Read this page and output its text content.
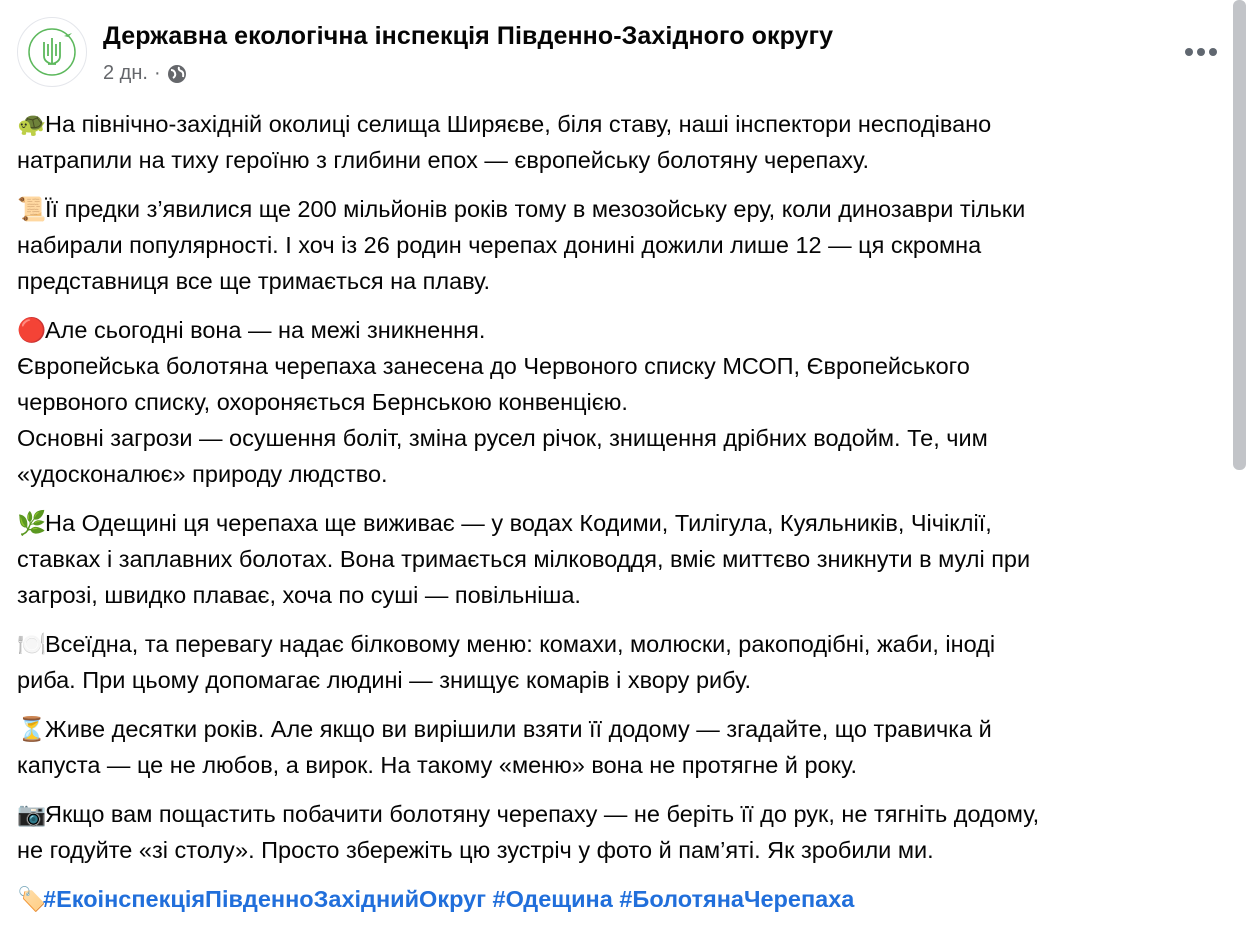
Державна екологічна інспекція Південно-Західного округу
2 дн. ·

🐢На північно-західній околиці селища Ширяєве, біля ставу, наші інспектори несподівано
натрапили на тиху героїню з глибини епох — європейську болотяну черепаху.

📜Її предки з’явилися ще 200 мільйонів років тому в мезозойську еру, коли динозаври тільки
набирали популярності. І хоч із 26 родин черепах донині дожили лише 12 — ця скромна
представниця все ще тримається на плаву.

🔴Але сьогодні вона — на межі зникнення.
Європейська болотяна черепаха занесена до Червоного списку МСОП, Європейського
червоного списку, охороняється Бернською конвенцією.
Основні загрози — осушення боліт, зміна русел річок, знищення дрібних водойм. Те, чим
«удосконалює» природу людство.

🌿На Одещині ця черепаха ще виживає — у водах Кодими, Тилігула, Куяльників, Чічіклії,
ставках і заплавних болотах. Вона тримається мілководдя, вміє миттєво зникнути в мулі при
загрозі, швидко плаває, хоча по суші — повільніша.

🍽️Всеїдна, та перевагу надає білковому меню: комахи, молюски, ракоподібні, жаби, іноді
риба. При цьому допомагає людині — знищує комарів і хвору рибу.

⏳Живе десятки років. Але якщо ви вирішили взяти її додому — згадайте, що травичка й
капуста — це не любов, а вирок. На такому «меню» вона не протягне й року.

📷Якщо вам пощастить побачити болотяну черепаху — не беріть її до рук, не тягніть додому,
не годуйте «зі столу». Просто збережіть цю зустріч у фото й пам’яті. Як зробили ми.

🏷️#ЕкоінспекціяПівденноЗахіднийОкруг #Одещина #БолотянаЧерепаха
